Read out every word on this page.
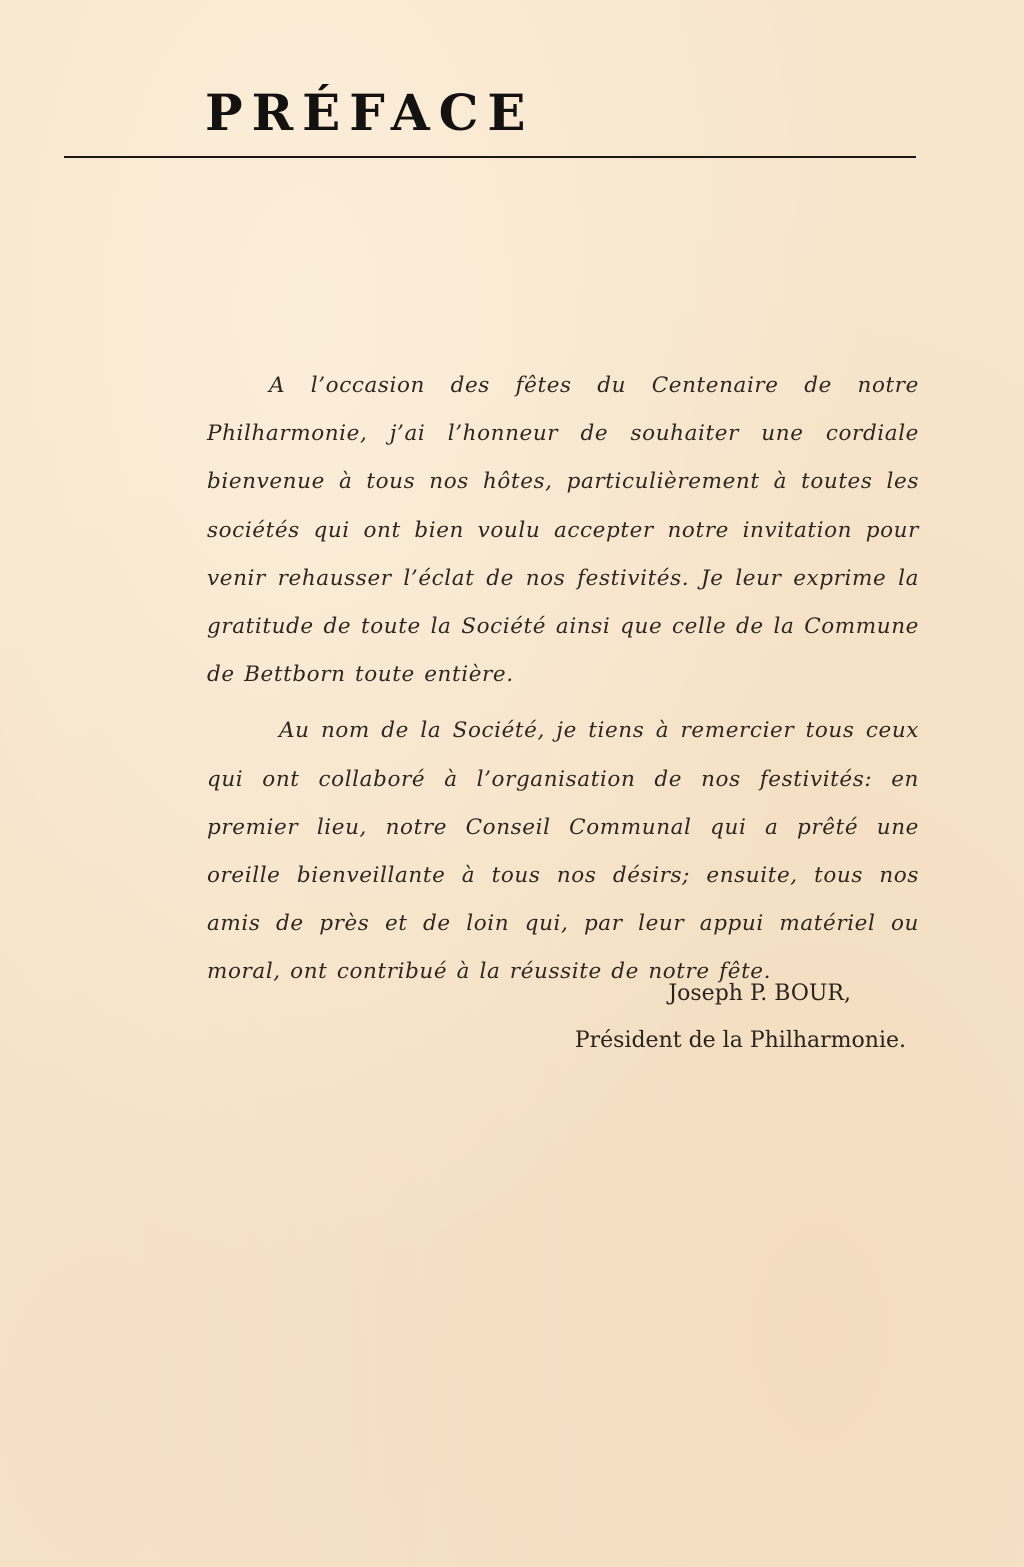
PRÉFACE

A l’occasion des fêtes du Centenaire de notre Philharmonie, j’ai l’honneur de souhaiter une cordiale bienvenue à tous nos hôtes, particulièrement à toutes les sociétés qui ont bien voulu accepter notre invitation pour venir rehausser l’éclat de nos festivités. Je leur exprime la gratitude de toute la Société ainsi que celle de la Commune de Bettborn toute entière.

Au nom de la Société, je tiens à remercier tous ceux qui ont collaboré à l’organisation de nos festivités: en premier lieu, notre Conseil Communal qui a prêté une oreille bienveillante à tous nos désirs; ensuite, tous nos amis de près et de loin qui, par leur appui matériel ou moral, ont contribué à la réussite de notre fête.

Joseph P. BOUR,
Président de la Philharmonie.
